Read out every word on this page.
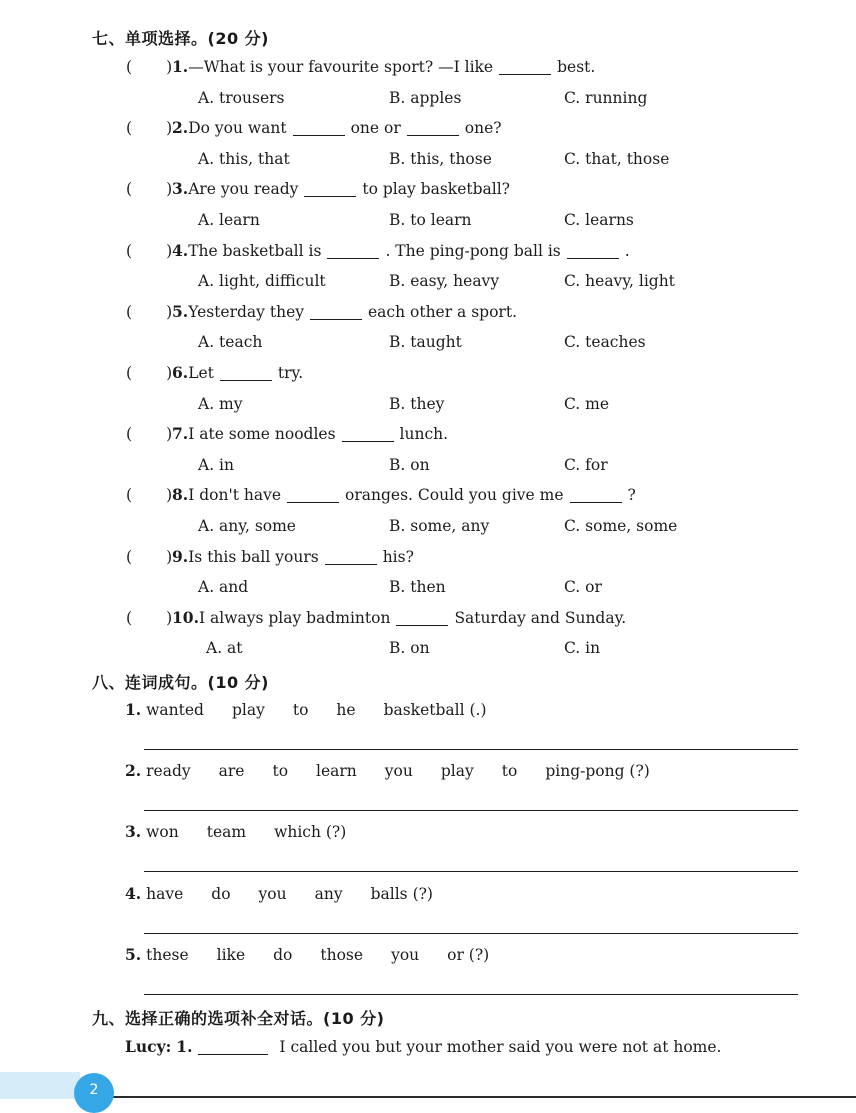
七、单项选择。(20 分)
( )1.—What is your favourite sport? —I like	best.
A. trousers	B. apples	C. running
( )2.Do you want	one or	one?
A. this, that	B. this, those	C. that, those
( )3.Are you ready	to play basketball?
A. learn	B. to learn	C. learns
( )4.The basketball is	. The ping-pong ball is	.
A. light, difficult	B. easy, heavy	C. heavy, light
( )5.Yesterday they	each other a sport.
A. teach	B. taught	C. teaches
( )6.Let	try.
A. my	B. they	C. me
( )7.I ate some noodles	lunch.
A. in	B. on	C. for
( )8.I don't have	oranges. Could you give me	?
A. any, some	B. some, any	C. some, some
( )9.Is this ball yours	his?
A. and	B. then	C. or
( )10.I always play badminton	Saturday and Sunday.
A. at	B. on	C. in
八、连词成句。(10 分)
1. wanted play to he basketball (.)
2. ready are to learn you play to ping-pong (?)
3. won team which (?)
4. have do you any balls (?)
5. these like do those you or (?)
九、选择正确的选项补全对话。(10 分)
Lucy: 1.	I called you but your mother said you were not at home.
2
